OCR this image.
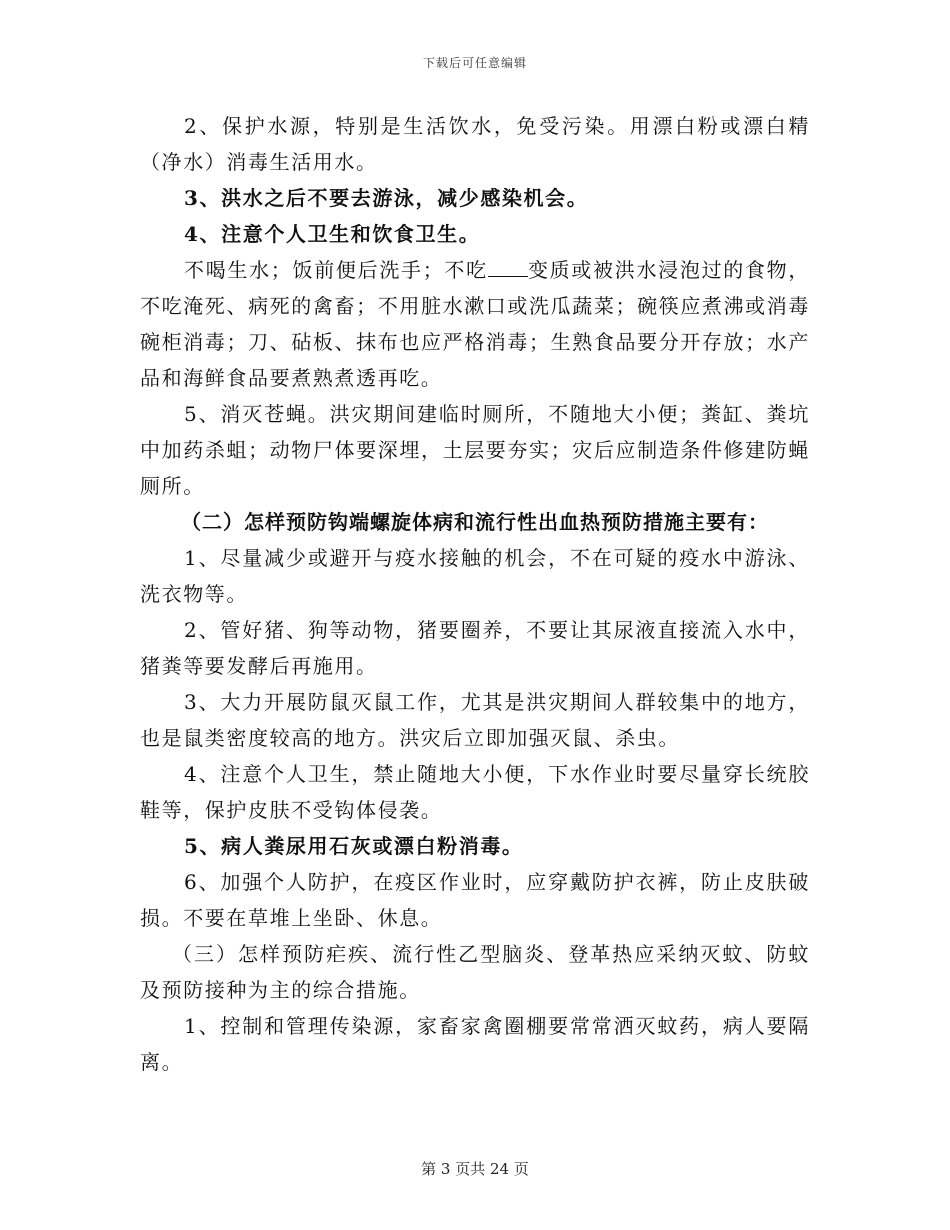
下载后可任意编辑

2、保护水源，特别是生活饮水，免受污染。用漂白粉或漂白精（净水）消毒生活用水。

3、洪水之后不要去游泳，减少感染机会。

4、注意个人卫生和饮食卫生。

不喝生水；饭前便后洗手；不吃 变质或被洪水浸泡过的食物，不吃淹死、病死的禽畜；不用脏水漱口或洗瓜蔬菜；碗筷应煮沸或消毒碗柜消毒；刀、砧板、抹布也应严格消毒；生熟食品要分开存放；水产品和海鲜食品要煮熟煮透再吃。

5、消灭苍蝇。洪灾期间建临时厕所，不随地大小便；粪缸、粪坑中加药杀蛆；动物尸体要深埋，土层要夯实；灾后应制造条件修建防蝇厕所。

（二）怎样预防钩端螺旋体病和流行性出血热预防措施主要有：

1、尽量减少或避开与疫水接触的机会，不在可疑的疫水中游泳、洗衣物等。

2、管好猪、狗等动物，猪要圈养，不要让其尿液直接流入水中，猪粪等要发酵后再施用。

3、大力开展防鼠灭鼠工作，尤其是洪灾期间人群较集中的地方，也是鼠类密度较高的地方。洪灾后立即加强灭鼠、杀虫。

4、注意个人卫生，禁止随地大小便，下水作业时要尽量穿长统胶鞋等，保护皮肤不受钩体侵袭。

5、病人粪尿用石灰或漂白粉消毒。

6、加强个人防护，在疫区作业时，应穿戴防护衣裤，防止皮肤破损。不要在草堆上坐卧、休息。

（三）怎样预防疟疾、流行性乙型脑炎、登革热应采纳灭蚊、防蚊及预防接种为主的综合措施。

1、控制和管理传染源，家畜家禽圈棚要常常洒灭蚊药，病人要隔离。

第 3 页共 24 页
